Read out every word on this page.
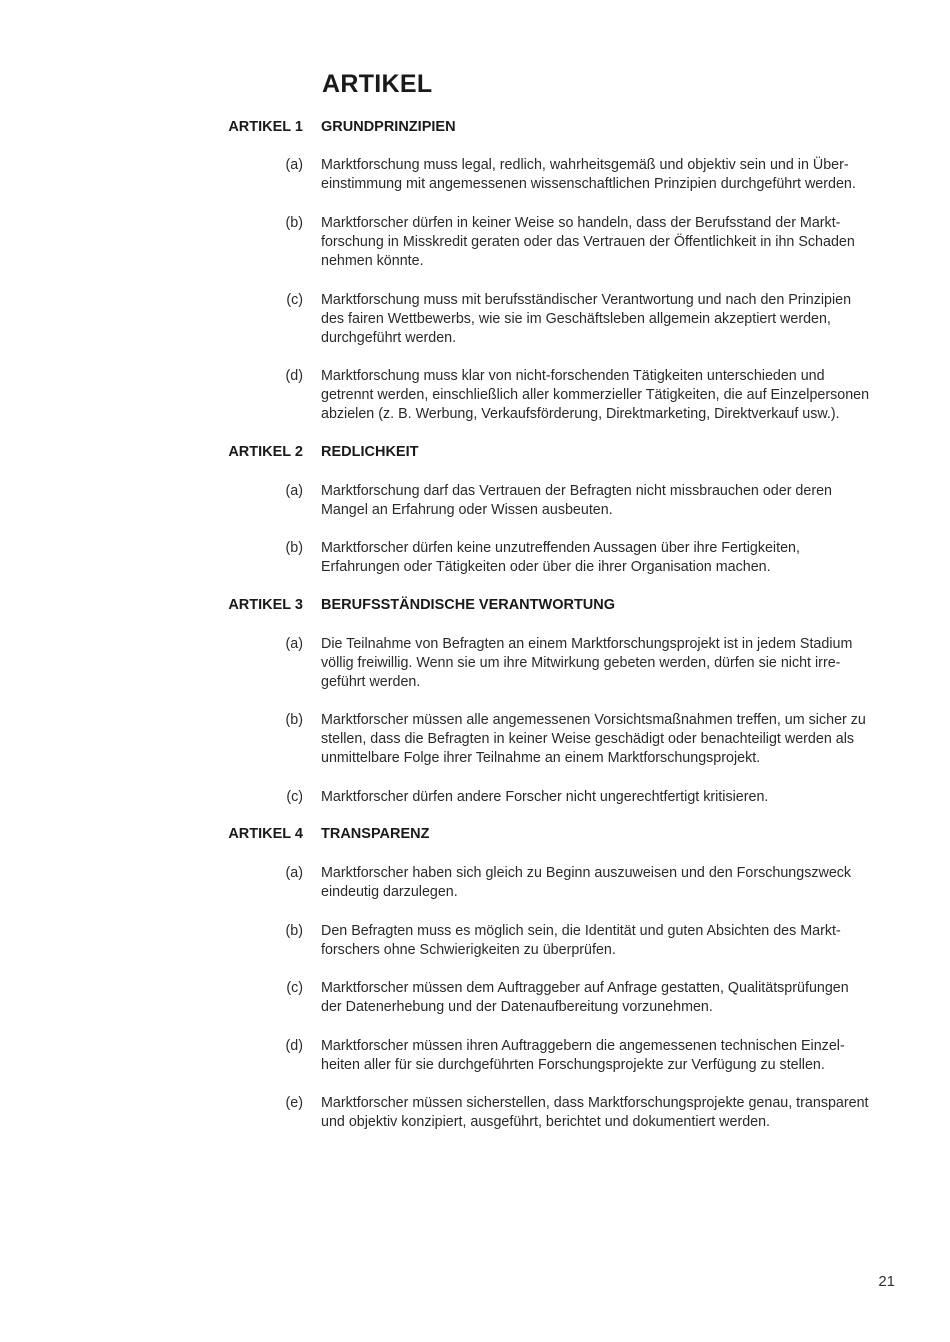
ARTIKEL
ARTIKEL 1 GRUNDPRINZIPIEN
(a) Marktforschung muss legal, redlich, wahrheitsgemäß und objektiv sein und in Über-
einstimmung mit angemessenen wissenschaftlichen Prinzipien durchgeführt werden.
(b) Marktforscher dürfen in keiner Weise so handeln, dass der Berufsstand der Markt-
forschung in Misskredit geraten oder das Vertrauen der Öffentlichkeit in ihn Schaden
nehmen könnte.
(c) Marktforschung muss mit berufsständischer Verantwortung und nach den Prinzipien
des fairen Wettbewerbs, wie sie im Geschäftsleben allgemein akzeptiert werden,
durchgeführt werden.
(d) Marktforschung muss klar von nicht-forschenden Tätigkeiten unterschieden und
getrennt werden, einschließlich aller kommerzieller Tätigkeiten, die auf Einzelpersonen
abzielen (z. B. Werbung, Verkaufsförderung, Direktmarketing, Direktverkauf usw.).
ARTIKEL 2 REDLICHKEIT
(a) Marktforschung darf das Vertrauen der Befragten nicht missbrauchen oder deren
Mangel an Erfahrung oder Wissen ausbeuten.
(b) Marktforscher dürfen keine unzutreffenden Aussagen über ihre Fertigkeiten,
Erfahrungen oder Tätigkeiten oder über die ihrer Organisation machen.
ARTIKEL 3 BERUFSSTÄNDISCHE VERANTWORTUNG
(a) Die Teilnahme von Befragten an einem Marktforschungsprojekt ist in jedem Stadium
völlig freiwillig. Wenn sie um ihre Mitwirkung gebeten werden, dürfen sie nicht irre-
geführt werden.
(b) Marktforscher müssen alle angemessenen Vorsichtsmaßnahmen treffen, um sicher zu
stellen, dass die Befragten in keiner Weise geschädigt oder benachteiligt werden als
unmittelbare Folge ihrer Teilnahme an einem Marktforschungsprojekt.
(c) Marktforscher dürfen andere Forscher nicht ungerechtfertigt kritisieren.
ARTIKEL 4 TRANSPARENZ
(a) Marktforscher haben sich gleich zu Beginn auszuweisen und den Forschungszweck
eindeutig darzulegen.
(b) Den Befragten muss es möglich sein, die Identität und guten Absichten des Markt-
forschers ohne Schwierigkeiten zu überprüfen.
(c) Marktforscher müssen dem Auftraggeber auf Anfrage gestatten, Qualitätsprüfungen
der Datenerhebung und der Datenaufbereitung vorzunehmen.
(d) Marktforscher müssen ihren Auftraggebern die angemessenen technischen Einzel-
heiten aller für sie durchgeführten Forschungsprojekte zur Verfügung zu stellen.
(e) Marktforscher müssen sicherstellen, dass Marktforschungsprojekte genau, transparent
und objektiv konzipiert, ausgeführt, berichtet und dokumentiert werden.
21
